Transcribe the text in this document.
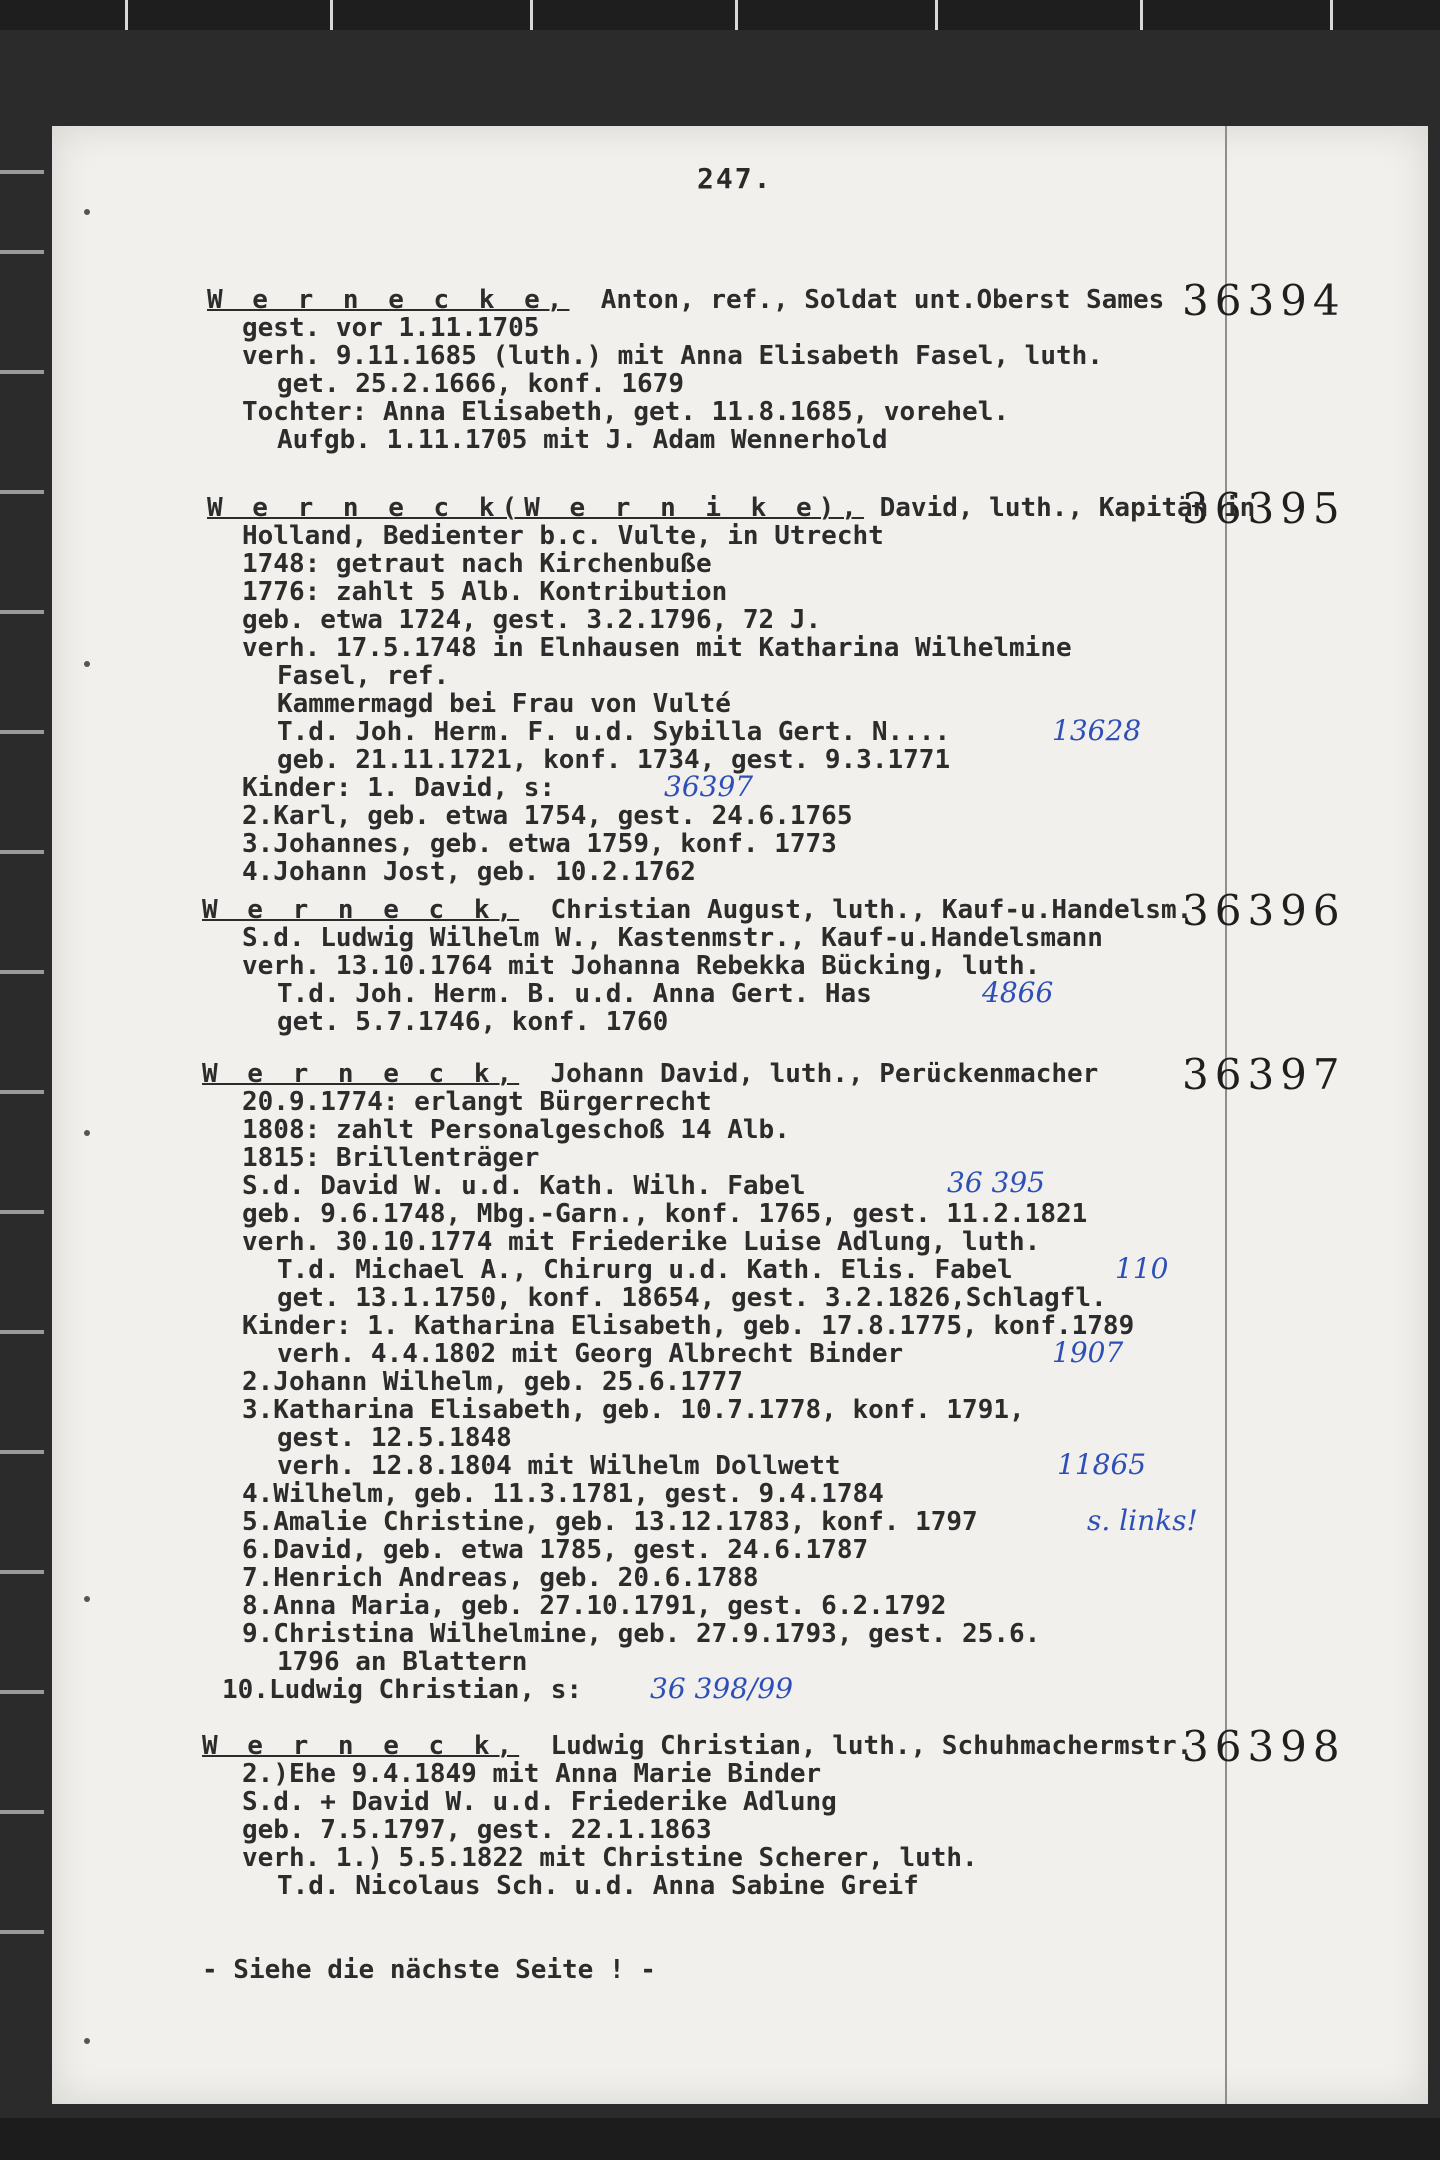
247.
36394
W e r n e c k e, Anton, ref., Soldat unt.Oberst Sames
gest. vor 1.11.1705
verh. 9.11.1685 (luth.) mit Anna Elisabeth Fasel, luth.
get. 25.2.1666, konf. 1679
Tochter: Anna Elisabeth, get. 11.8.1685, vorehel.
Aufgb. 1.11.1705 mit J. Adam Wennerhold
36395
W e r n e c k(W e r n i k e), David, luth., Kapitän in
Holland, Bedienter b.c. Vulte, in Utrecht
1748: getraut nach Kirchenbuße
1776: zahlt 5 Alb. Kontribution
geb. etwa 1724, gest. 3.2.1796, 72 J.
verh. 17.5.1748 in Elnhausen mit Katharina Wilhelmine
Fasel, ref.
Kammermagd bei Frau von Vulté
T.d. Joh. Herm. F. u.d. Sybilla Gert. N....	13628
geb. 21.11.1721, konf. 1734, gest. 9.3.1771
Kinder: 1. David, s:	36397
2.Karl, geb. etwa 1754, gest. 24.6.1765
3.Johannes, geb. etwa 1759, konf. 1773
4.Johann Jost, geb. 10.2.1762
36396
W e r n e c k, Christian August, luth., Kauf-u.Handelsm.
S.d. Ludwig Wilhelm W., Kastenmstr., Kauf-u.Handelsmann
verh. 13.10.1764 mit Johanna Rebekka Bücking, luth.
T.d. Joh. Herm. B. u.d. Anna Gert. Has	4866
get. 5.7.1746, konf. 1760
36397
W e r n e c k, Johann David, luth., Perückenmacher
20.9.1774: erlangt Bürgerrecht
1808: zahlt Personalgeschoß 14 Alb.
1815: Brillenträger
S.d. David W. u.d. Kath. Wilh. Fabel	36 395
geb. 9.6.1748, Mbg.-Garn., konf. 1765, gest. 11.2.1821
verh. 30.10.1774 mit Friederike Luise Adlung, luth.
T.d. Michael A., Chirurg u.d. Kath. Elis. Fabel	110
get. 13.1.1750, konf. 18654, gest. 3.2.1826,Schlagfl.
Kinder: 1. Katharina Elisabeth, geb. 17.8.1775, konf.1789
verh. 4.4.1802 mit Georg Albrecht Binder	1907
2.Johann Wilhelm, geb. 25.6.1777
3.Katharina Elisabeth, geb. 10.7.1778, konf. 1791,
gest. 12.5.1848
verh. 12.8.1804 mit Wilhelm Dollwett	11865
4.Wilhelm, geb. 11.3.1781, gest. 9.4.1784
5.Amalie Christine, geb. 13.12.1783, konf. 1797	s. links!
6.David, geb. etwa 1785, gest. 24.6.1787
7.Henrich Andreas, geb. 20.6.1788
8.Anna Maria, geb. 27.10.1791, gest. 6.2.1792
9.Christina Wilhelmine, geb. 27.9.1793, gest. 25.6.
1796 an Blattern
10.Ludwig Christian, s: 36 398/99
36398
W e r n e c k, Ludwig Christian, luth., Schuhmachermstr.
2.)Ehe 9.4.1849 mit Anna Marie Binder
S.d. + David W. u.d. Friederike Adlung
geb. 7.5.1797, gest. 22.1.1863
verh. 1.) 5.5.1822 mit Christine Scherer, luth.
T.d. Nicolaus Sch. u.d. Anna Sabine Greif
- Siehe die nächste Seite ! -
